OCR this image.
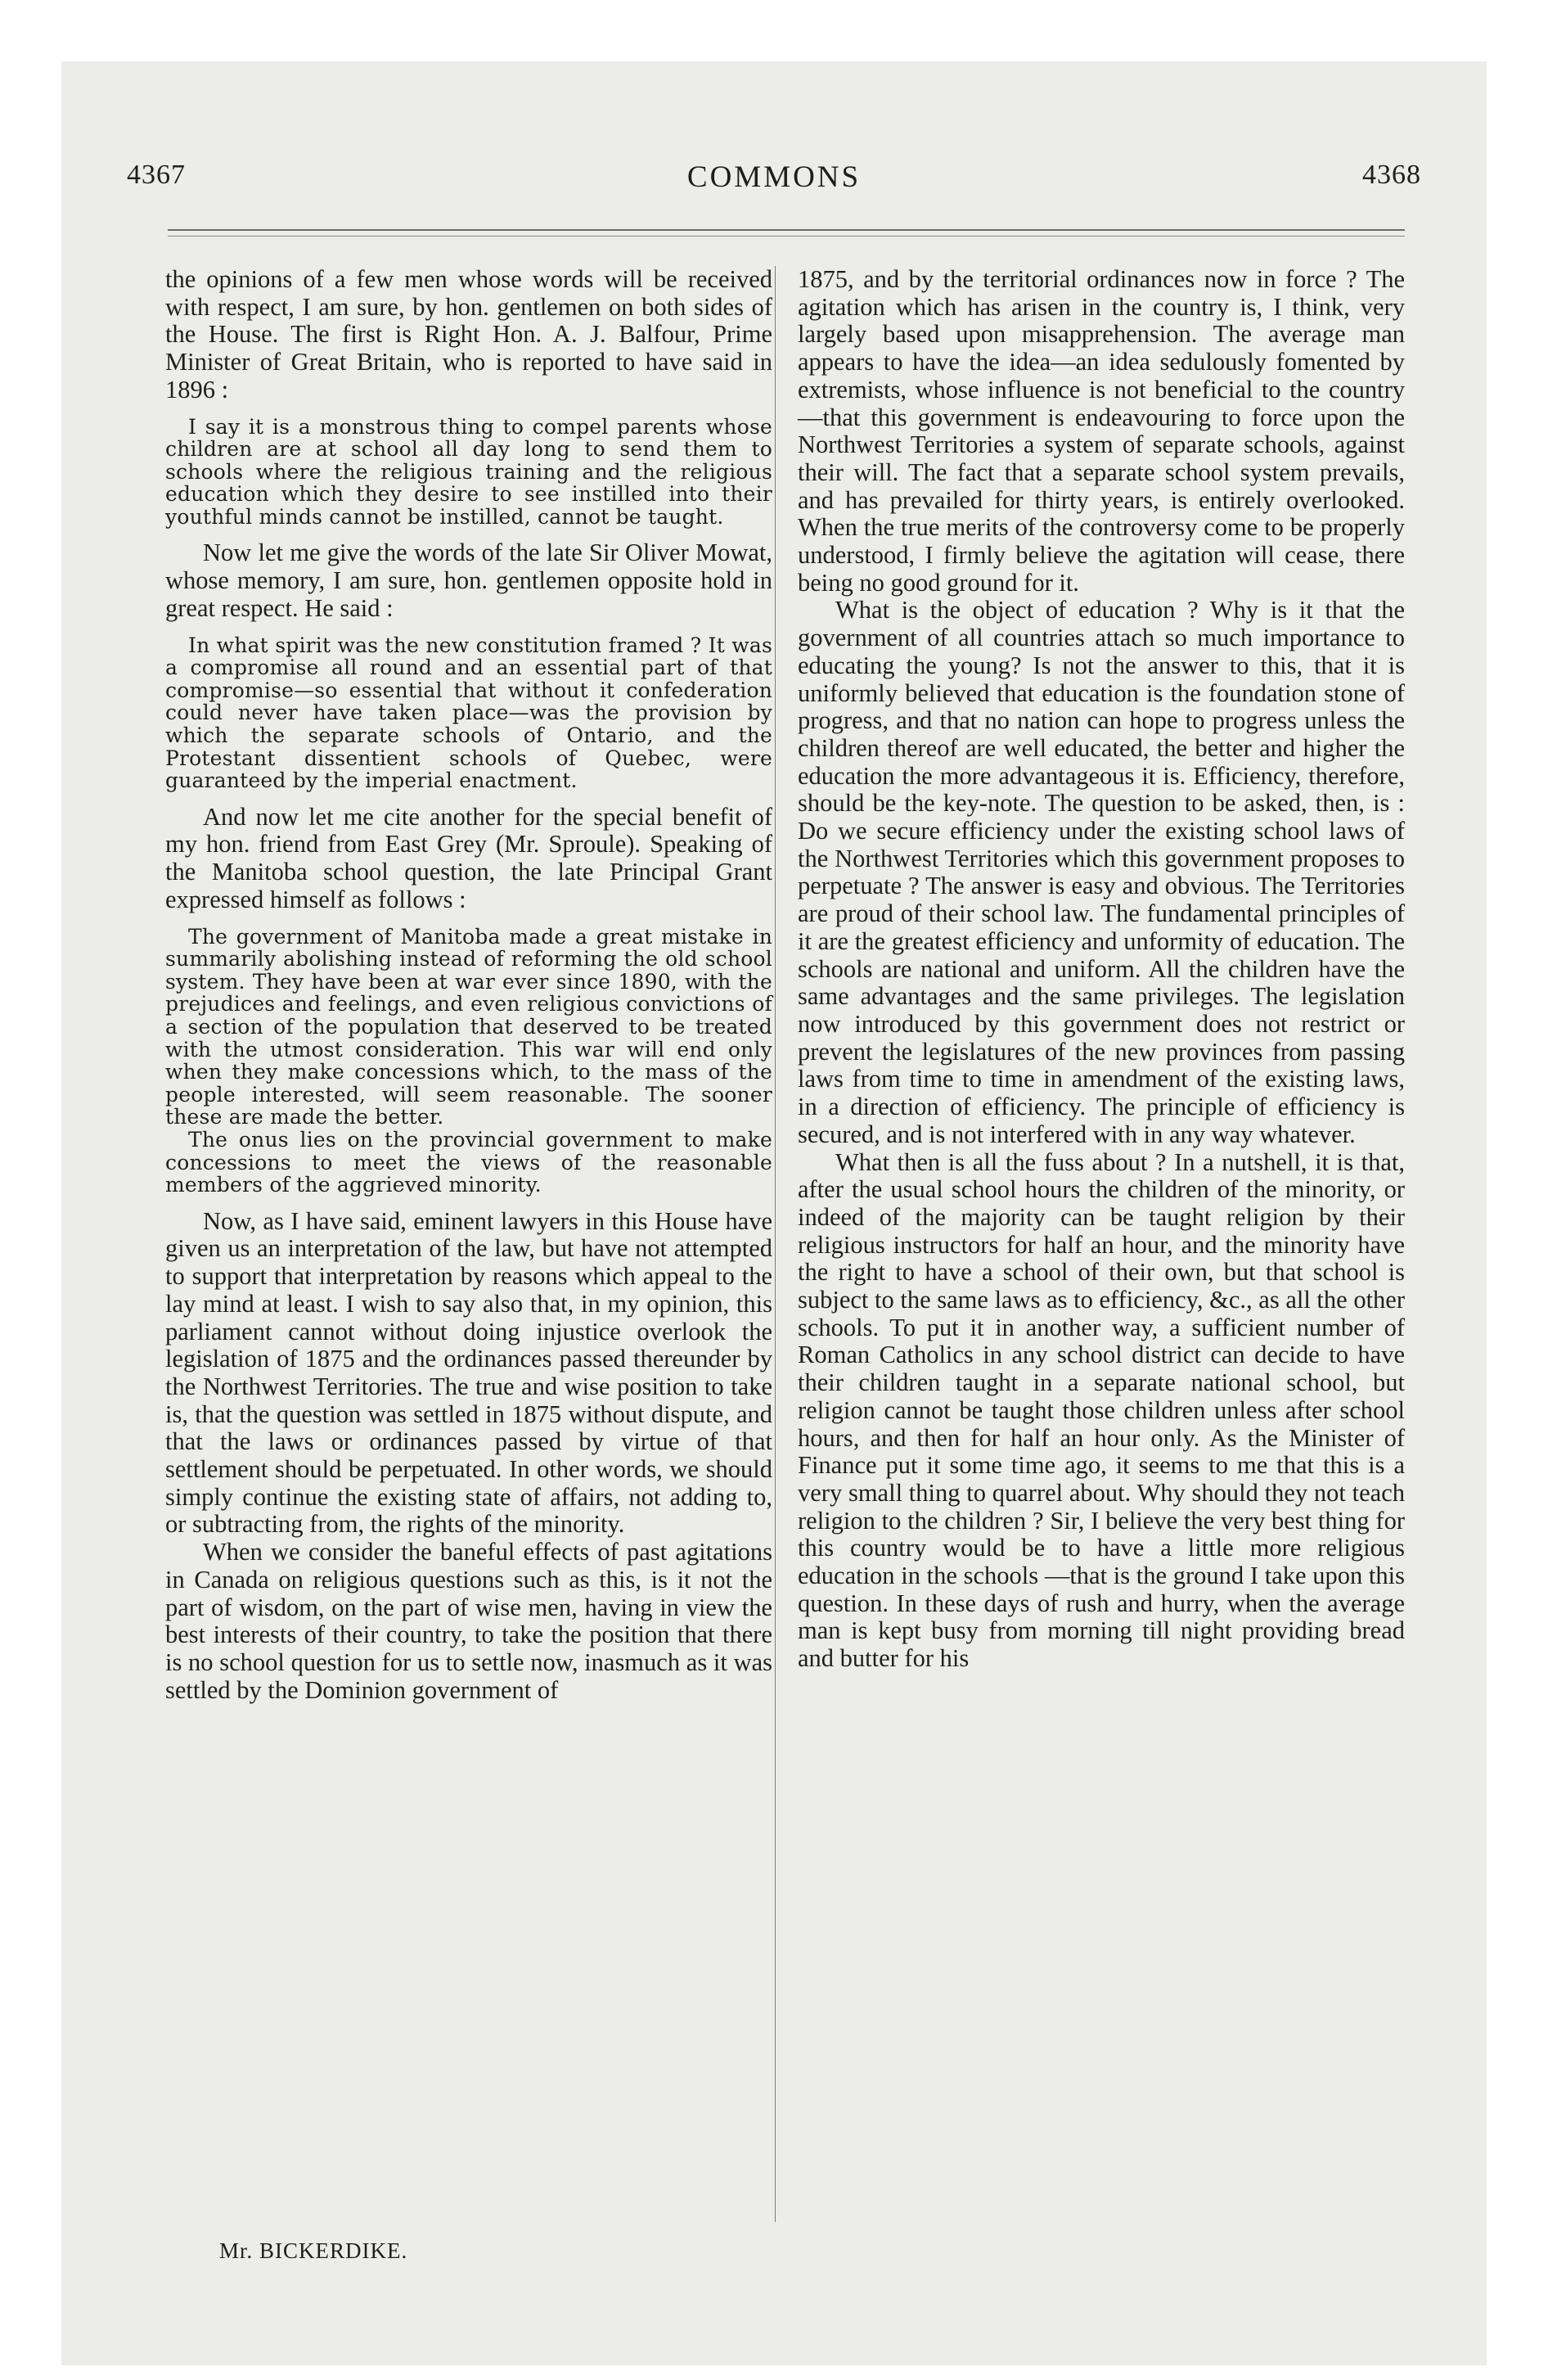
4367	COMMONS	4368

the opinions of a few men whose words will be received with respect, I am sure, by hon. gentlemen on both sides of the House. The first is Right Hon. A. J. Balfour, Prime Minister of Great Britain, who is reported to have said in 1896 :

I say it is a monstrous thing to compel parents whose children are at school all day long to send them to schools where the religious training and the religious education which they desire to see instilled into their youthful minds cannot be instilled, cannot be taught.

Now let me give the words of the late Sir Oliver Mowat, whose memory, I am sure, hon. gentlemen opposite hold in great respect. He said :

In what spirit was the new constitution framed ? It was a compromise all round and an essential part of that compromise—so essential that without it confederation could never have taken place—was the provision by which the separate schools of Ontario, and the Protestant dissentient schools of Quebec, were guaranteed by the imperial enactment.

And now let me cite another for the special benefit of my hon. friend from East Grey (Mr. Sproule). Speaking of the Manitoba school question, the late Principal Grant expressed himself as follows :

The government of Manitoba made a great mistake in summarily abolishing instead of reforming the old school system. They have been at war ever since 1890, with the prejudices and feelings, and even religious convictions of a section of the population that deserved to be treated with the utmost consideration. This war will end only when they make concessions which, to the mass of the people interested, will seem reasonable. The sooner these are made the better.

The onus lies on the provincial government to make concessions to meet the views of the reasonable members of the aggrieved minority.

Now, as I have said, eminent lawyers in this House have given us an interpretation of the law, but have not attempted to support that interpretation by reasons which appeal to the lay mind at least. I wish to say also that, in my opinion, this parliament cannot without doing injustice overlook the legislation of 1875 and the ordinances passed thereunder by the Northwest Territories. The true and wise position to take is, that the question was settled in 1875 without dispute, and that the laws or ordinances passed by virtue of that settlement should be perpetuated. In other words, we should simply continue the existing state of affairs, not adding to, or subtracting from, the rights of the minority.

When we consider the baneful effects of past agitations in Canada on religious questions such as this, is it not the part of wisdom, on the part of wise men, having in view the best interests of their country, to take the position that there is no school question for us to settle now, inasmuch as it was settled by the Dominion government of

1875, and by the territorial ordinances now in force ? The agitation which has arisen in the country is, I think, very largely based upon misapprehension. The average man appears to have the idea—an idea sedulously fomented by extremists, whose influence is not beneficial to the country—that this government is endeavouring to force upon the Northwest Territories a system of separate schools, against their will. The fact that a separate school system prevails, and has prevailed for thirty years, is entirely overlooked. When the true merits of the controversy come to be properly understood, I firmly believe the agitation will cease, there being no good ground for it.

What is the object of education ? Why is it that the government of all countries attach so much importance to educating the young? Is not the answer to this, that it is uniformly believed that education is the foundation stone of progress, and that no nation can hope to progress unless the children thereof are well educated, the better and higher the education the more advantageous it is. Efficiency, therefore, should be the key-note. The question to be asked, then, is : Do we secure efficiency under the existing school laws of the Northwest Territories which this government proposes to perpetuate ? The answer is easy and obvious. The Territories are proud of their school law. The fundamental principles of it are the greatest efficiency and unformity of education. The schools are national and uniform. All the children have the same advantages and the same privileges. The legislation now introduced by this government does not restrict or prevent the legislatures of the new provinces from passing laws from time to time in amendment of the existing laws, in a direction of efficiency. The principle of efficiency is secured, and is not interfered with in any way whatever.

What then is all the fuss about ? In a nutshell, it is that, after the usual school hours the children of the minority, or indeed of the majority can be taught religion by their religious instructors for half an hour, and the minority have the right to have a school of their own, but that school is subject to the same laws as to efficiency, &c., as all the other schools. To put it in another way, a sufficient number of Roman Catholics in any school district can decide to have their children taught in a separate national school, but religion cannot be taught those children unless after school hours, and then for half an hour only. As the Minister of Finance put it some time ago, it seems to me that this is a very small thing to quarrel about. Why should they not teach religion to the children ? Sir, I believe the very best thing for this country would be to have a little more religious education in the schools —that is the ground I take upon this question. In these days of rush and hurry, when the average man is kept busy from morning till night providing bread and butter for his

Mr. BICKERDIKE.
